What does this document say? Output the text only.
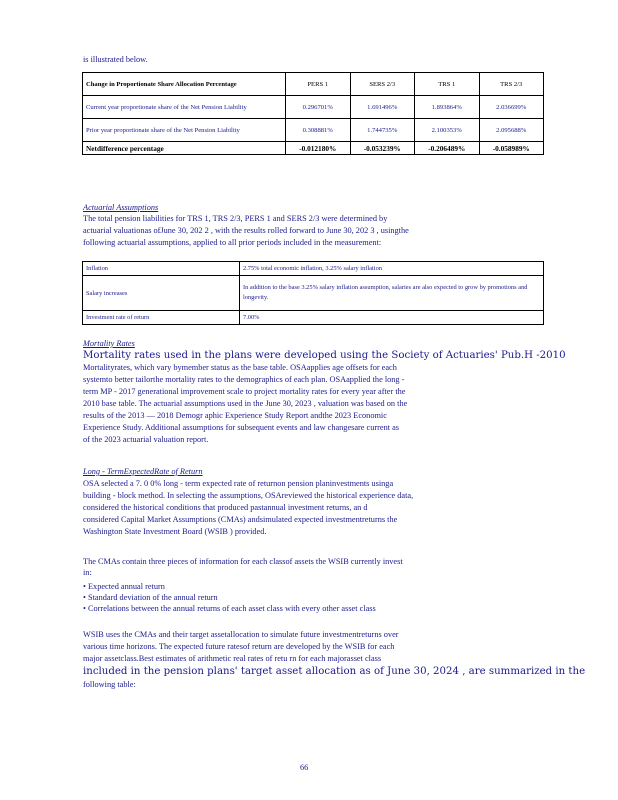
is illustrated below.
Change in Proportionate Share Allocation Percentage	PERS 1	SERS 2/3	TRS 1	TRS 2/3
Current year proportionate share of the Net Pension Liability	0.296701%	1.691496%	1.893864%	2.036699%
Prior year proportionate share of the Net Pension Liability	0.308881%	1.744735%	2.100353%	2.095688%
Netdifference percentage	-0.012180%	-0.053239%	-0.206489%	-0.058989%
Actuarial Assumptions
The total pension liabilities for TRS 1, TRS 2/3, PERS 1 and SERS 2/3 were determined by
actuarial valuationas ofJune 30, 202 2 , with the results rolled forward to June 30, 202 3 , usingthe
following actuarial assumptions, applied to all prior periods included in the measurement:
Inflation	2.75% total economic inflation, 3.25% salary inflation
Salary increases	In addition to the base 3.25% salary inflation assumption, salaries are also expected to grow by promotions and longevity.
Investment rate of return	7.00%
Mortality Rates
Mortality rates used in the plans were developed using the Society of Actuaries' Pub.H -2010
Mortalityrates, which vary bymember status as the base table. OSAapplies age offsets for each
systemto better tailorthe mortality rates to the demographics of each plan. OSAapplied the long -
term MP - 2017 generational improvement scale to project mortality rates for every year after the
2010 base table. The actuarial assumptions used in the June 30, 2023 , valuation was based on the
results of the 2013 — 2018 Demogr aphic Experience Study Report andthe 2023 Economic
Experience Study. Additional assumptions for subsequent events and law changesare current as
of the 2023 actuarial valuation report.
Long - TermExpectedRate of Return
OSA selected a 7. 0 0% long - term expected rate of returnon pension planinvestments usinga
building - block method. In selecting the assumptions, OSAreviewed the historical experience data,
considered the historical conditions that produced pastannual investment returns, an d
considered Capital Market Assumptions (CMAs) andsimulated expected investmentreturns the
Washington State Investment Board (WSIB ) provided.
The CMAs contain three pieces of information for each classof assets the WSIB currently invest
in:
• Expected annual return
• Standard deviation of the annual return
• Correlations between the annual returns of each asset class with every other asset class
WSIB uses the CMAs and their target assetallocation to simulate future investmentreturns over
various time horizons. The expected future ratesof return are developed by the WSIB for each
major assetclass.Best estimates of arithmetic real rates of retu rn for each majorasset class
included in the pension plans' target asset allocation as of June 30, 2024 , are summarized in the
following table:
66
